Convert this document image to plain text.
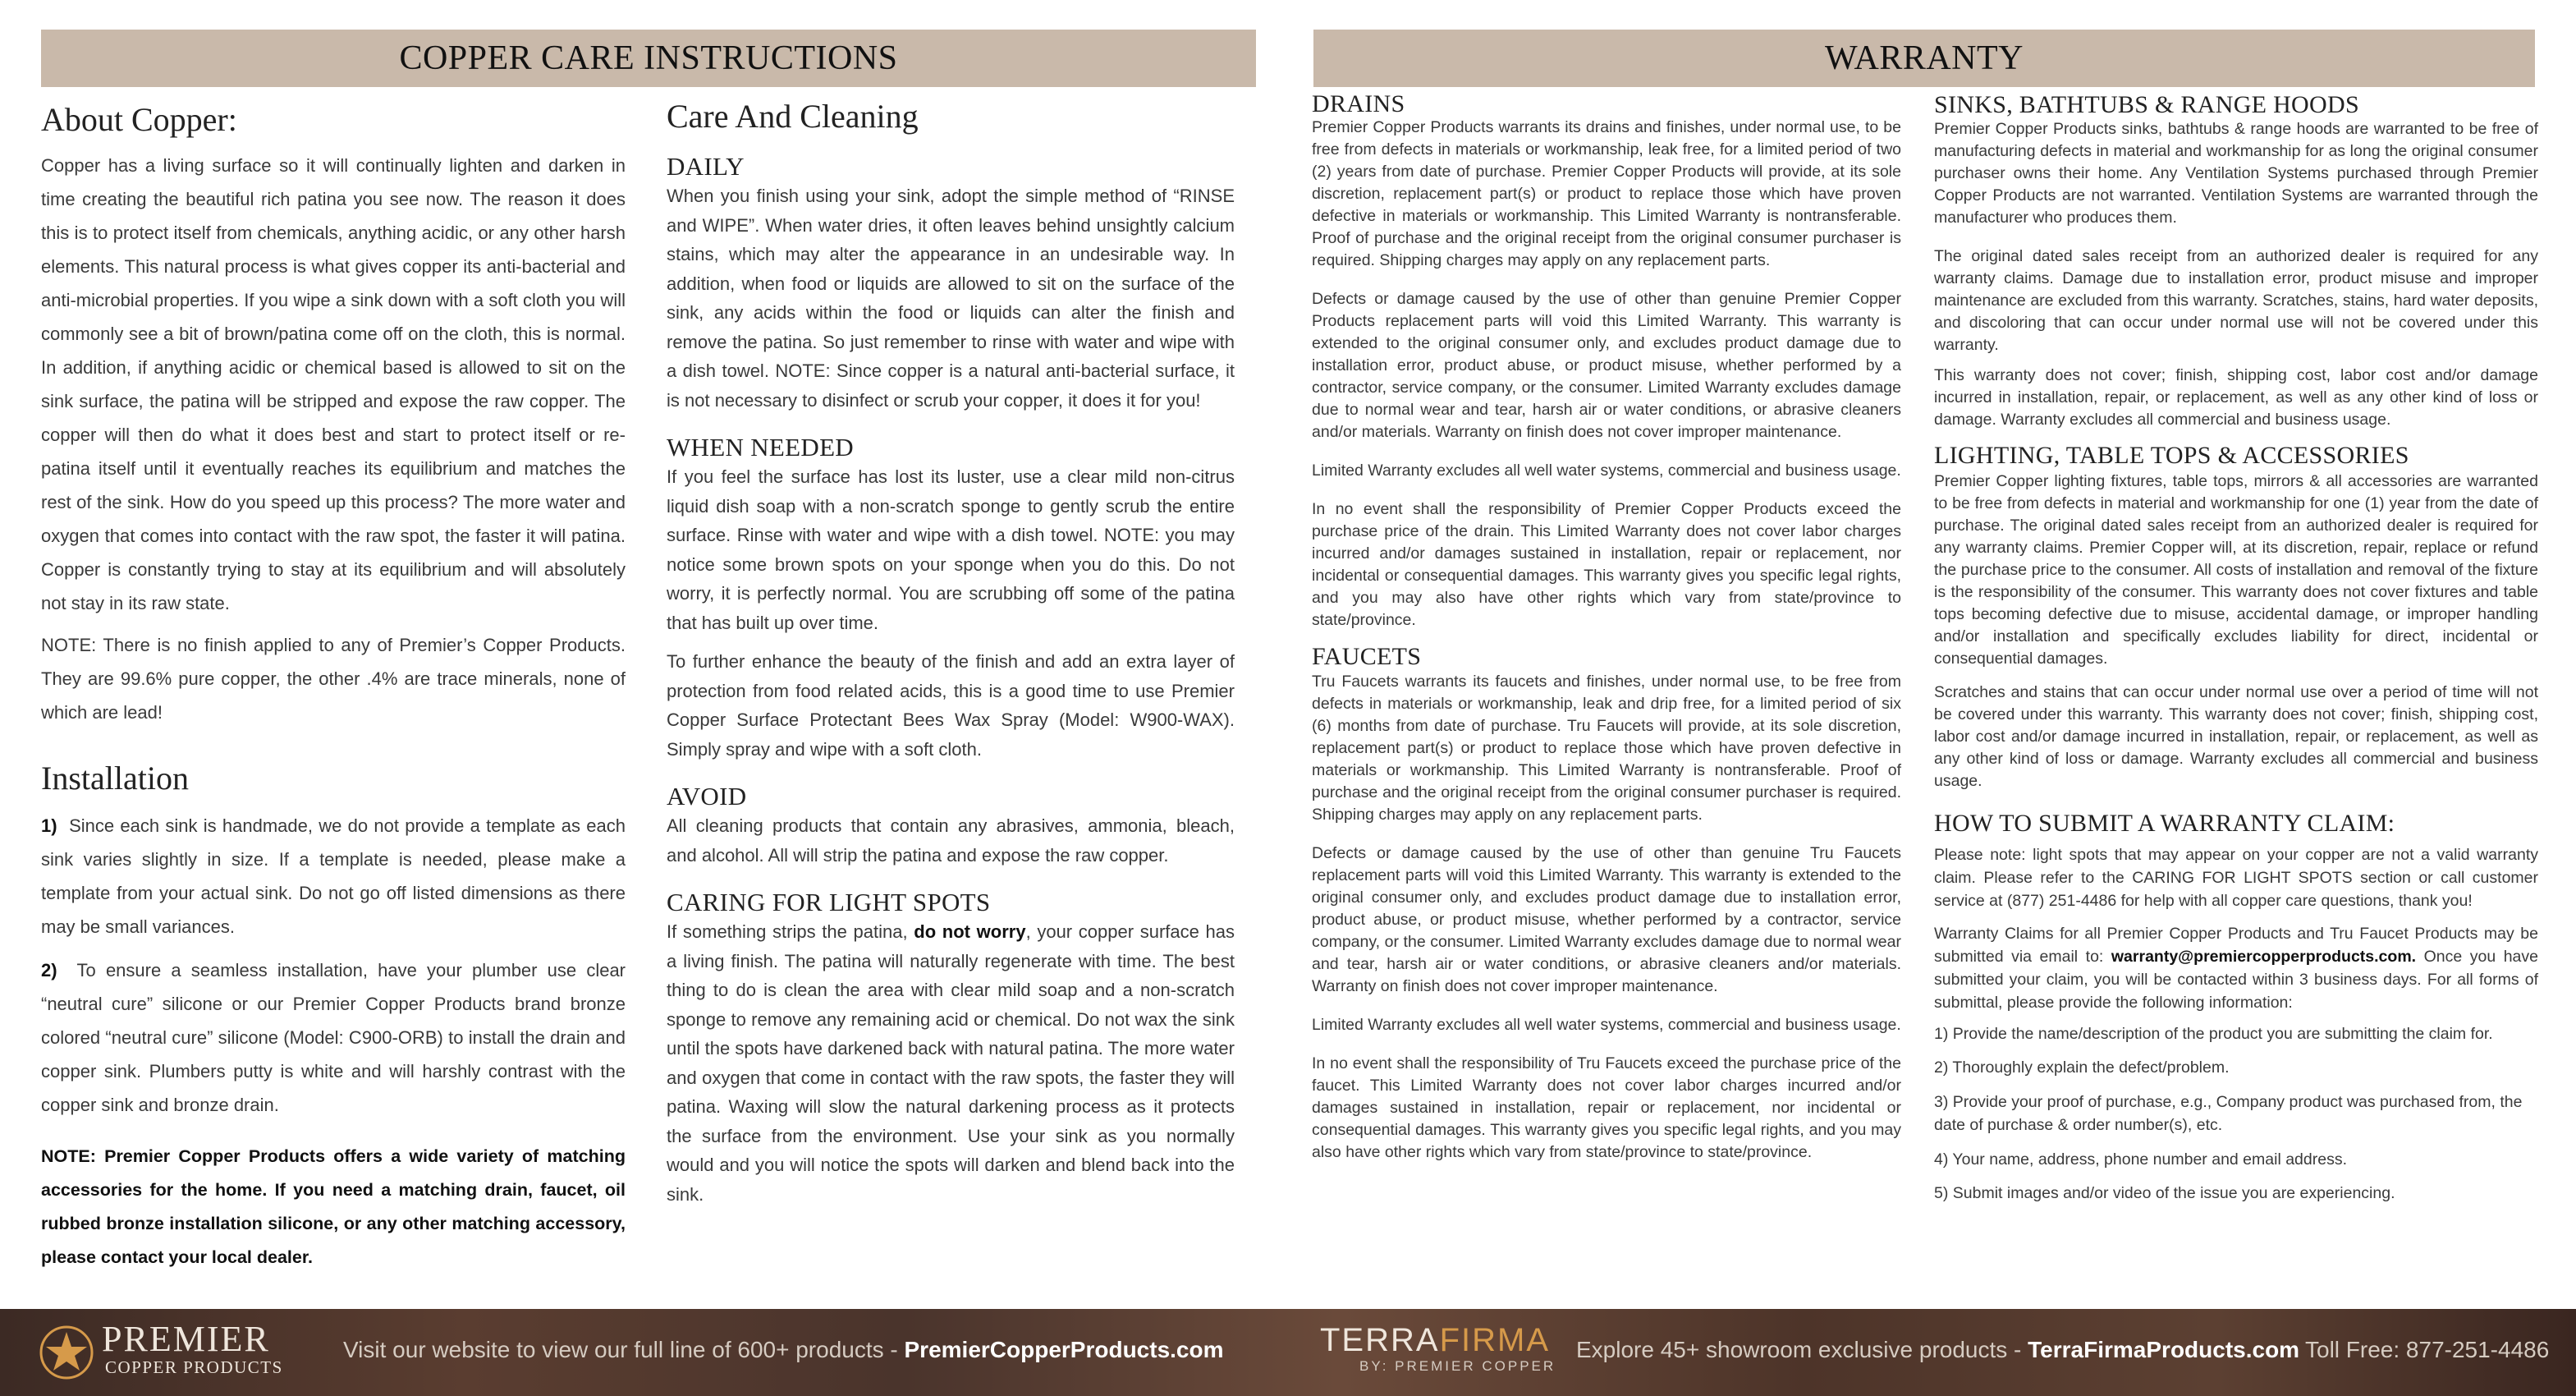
COPPER CARE INSTRUCTIONS	WARRANTY
About Copper:

Copper has a living surface so it will continually lighten and darken in time creating the beautiful rich patina you see now. The reason it does this is to protect itself from chemicals, anything acidic, or any other harsh elements. This natural process is what gives copper its anti-bacterial and anti-microbial properties. If you wipe a sink down with a soft cloth you will commonly see a bit of brown/patina come off on the cloth, this is normal. In addition, if anything acidic or chemical based is allowed to sit on the sink surface, the patina will be stripped and expose the raw copper. The copper will then do what it does best and start to protect itself or re-patina itself until it eventually reaches its equilibrium and matches the rest of the sink. How do you speed up this process? The more water and oxygen that comes into contact with the raw spot, the faster it will patina. Copper is constantly trying to stay at its equilibrium and will absolutely not stay in its raw state.

NOTE: There is no finish applied to any of Premier’s Copper Products. They are 99.6% pure copper, the other .4% are trace minerals, none of which are lead!

Installation

1) Since each sink is handmade, we do not provide a template as each sink varies slightly in size. If a template is needed, please make a template from your actual sink. Do not go off listed dimensions as there may be small variances.

2) To ensure a seamless installation, have your plumber use clear “neutral cure” silicone or our Premier Copper Products brand bronze colored “neutral cure” silicone (Model: C900-ORB) to install the drain and copper sink. Plumbers putty is white and will harshly contrast with the copper sink and bronze drain.

NOTE: Premier Copper Products offers a wide variety of matching accessories for the home. If you need a matching drain, faucet, oil rubbed bronze installation silicone, or any other matching accessory, please contact your local dealer.

Care And Cleaning
DAILY

When you finish using your sink, adopt the simple method of “RINSE and WIPE”. When water dries, it often leaves behind unsightly calcium stains, which may alter the appearance in an undesirable way. In addition, when food or liquids are allowed to sit on the surface of the sink, any acids within the food or liquids can alter the finish and remove the patina. So just remember to rinse with water and wipe with a dish towel. NOTE: Since copper is a natural anti-bacterial surface, it is not necessary to disinfect or scrub your copper, it does it for you!

WHEN NEEDED

If you feel the surface has lost its luster, use a clear mild non-citrus liquid dish soap with a non-scratch sponge to gently scrub the entire surface. Rinse with water and wipe with a dish towel. NOTE: you may notice some brown spots on your sponge when you do this. Do not worry, it is perfectly normal. You are scrubbing off some of the patina that has built up over time.

To further enhance the beauty of the finish and add an extra layer of protection from food related acids, this is a good time to use Premier Copper Surface Protectant Bees Wax Spray (Model: W900-WAX). Simply spray and wipe with a soft cloth.

AVOID

All cleaning products that contain any abrasives, ammonia, bleach, and alcohol. All will strip the patina and expose the raw copper.

CARING FOR LIGHT SPOTS

If something strips the patina, do not worry, your copper surface has a living finish. The patina will naturally regenerate with time. The best thing to do is clean the area with clear mild soap and a non-scratch sponge to remove any remaining acid or chemical. Do not wax the sink until the spots have darkened back with natural patina. The more water and oxygen that come in contact with the raw spots, the faster they will patina. Waxing will slow the natural darkening process as it protects the surface from the environment. Use your sink as you normally would and you will notice the spots will darken and blend back into the sink.

DRAINS

Premier Copper Products warrants its drains and finishes, under normal use, to be free from defects in materials or workmanship, leak free, for a limited period of two (2) years from date of purchase. Premier Copper Products will provide, at its sole discretion, replacement part(s) or product to replace those which have proven defective in materials or workmanship. This Limited Warranty is nontransferable. Proof of purchase and the original receipt from the original consumer purchaser is required. Shipping charges may apply on any replacement parts.

Defects or damage caused by the use of other than genuine Premier Copper Products replacement parts will void this Limited Warranty. This warranty is extended to the original consumer only, and excludes product damage due to installation error, product abuse, or product misuse, whether performed by a contractor, service company, or the consumer. Limited Warranty excludes damage due to normal wear and tear, harsh air or water conditions, or abrasive cleaners and/or materials. Warranty on finish does not cover improper maintenance.

Limited Warranty excludes all well water systems, commercial and business usage.

In no event shall the responsibility of Premier Copper Products exceed the purchase price of the drain. This Limited Warranty does not cover labor charges incurred and/or damages sustained in installation, repair or replacement, nor incidental or consequential damages. This warranty gives you specific legal rights, and you may also have other rights which vary from state/province to state/province.

FAUCETS

Tru Faucets warrants its faucets and finishes, under normal use, to be free from defects in materials or workmanship, leak and drip free, for a limited period of six (6) months from date of purchase. Tru Faucets will provide, at its sole discretion, replacement part(s) or product to replace those which have proven defective in materials or workmanship. This Limited Warranty is nontransferable. Proof of purchase and the original receipt from the original consumer purchaser is required. Shipping charges may apply on any replacement parts.

Defects or damage caused by the use of other than genuine Tru Faucets replacement parts will void this Limited Warranty. This warranty is extended to the original consumer only, and excludes product damage due to installation error, product abuse, or product misuse, whether performed by a contractor, service company, or the consumer. Limited Warranty excludes damage due to normal wear and tear, harsh air or water conditions, or abrasive cleaners and/or materials. Warranty on finish does not cover improper maintenance.

Limited Warranty excludes all well water systems, commercial and business usage.

In no event shall the responsibility of Tru Faucets exceed the purchase price of the faucet. This Limited Warranty does not cover labor charges incurred and/or damages sustained in installation, repair or replacement, nor incidental or consequential damages. This warranty gives you specific legal rights, and you may also have other rights which vary from state/province to state/province.

SINKS, BATHTUBS & RANGE HOODS

Premier Copper Products sinks, bathtubs & range hoods are warranted to be free of manufacturing defects in material and workmanship for as long the original consumer purchaser owns their home. Any Ventilation Systems purchased through Premier Copper Products are not warranted. Ventilation Systems are warranted through the manufacturer who produces them.

The original dated sales receipt from an authorized dealer is required for any warranty claims. Damage due to installation error, product misuse and improper maintenance are excluded from this warranty. Scratches, stains, hard water deposits, and discoloring that can occur under normal use will not be covered under this warranty.

This warranty does not cover; finish, shipping cost, labor cost and/or damage incurred in installation, repair, or replacement, as well as any other kind of loss or damage. Warranty excludes all commercial and business usage.

LIGHTING, TABLE TOPS & ACCESSORIES

Premier Copper lighting fixtures, table tops, mirrors & all accessories are warranted to be free from defects in material and workmanship for one (1) year from the date of purchase. The original dated sales receipt from an authorized dealer is required for any warranty claims. Premier Copper will, at its discretion, repair, replace or refund the purchase price to the consumer. All costs of installation and removal of the fixture is the responsibility of the consumer. This warranty does not cover fixtures and table tops becoming defective due to misuse, accidental damage, or improper handling and/or installation and specifically excludes liability for direct, incidental or consequential damages.

Scratches and stains that can occur under normal use over a period of time will not be covered under this warranty. This warranty does not cover; finish, shipping cost, labor cost and/or damage incurred in installation, repair, or replacement, as well as any other kind of loss or damage. Warranty excludes all commercial and business usage.

HOW TO SUBMIT A WARRANTY CLAIM:

Please note: light spots that may appear on your copper are not a valid warranty claim. Please refer to the CARING FOR LIGHT SPOTS section or call customer service at (877) 251-4486 for help with all copper care questions, thank you!

Warranty Claims for all Premier Copper Products and Tru Faucet Products may be submitted via email to: warranty@premiercopperproducts.com. Once you have submitted your claim, you will be contacted within 3 business days. For all forms of submittal, please provide the following information:

1) Provide the name/description of the product you are submitting the claim for.

2) Thoroughly explain the defect/problem.

3) Provide your proof of purchase, e.g., Company product was purchased from, the date of purchase & order number(s), etc.

4) Your name, address, phone number and email address.

5) Submit images and/or video of the issue you are experiencing.

PREMIER
COPPER PRODUCTS
Visit our website to view our full line of 600+ products - PremierCopperProducts.com	TERRAFIRMA
BY: PREMIER COPPER
Explore 45+ showroom exclusive products - TerraFirmaProducts.com Toll Free: 877-251-4486
